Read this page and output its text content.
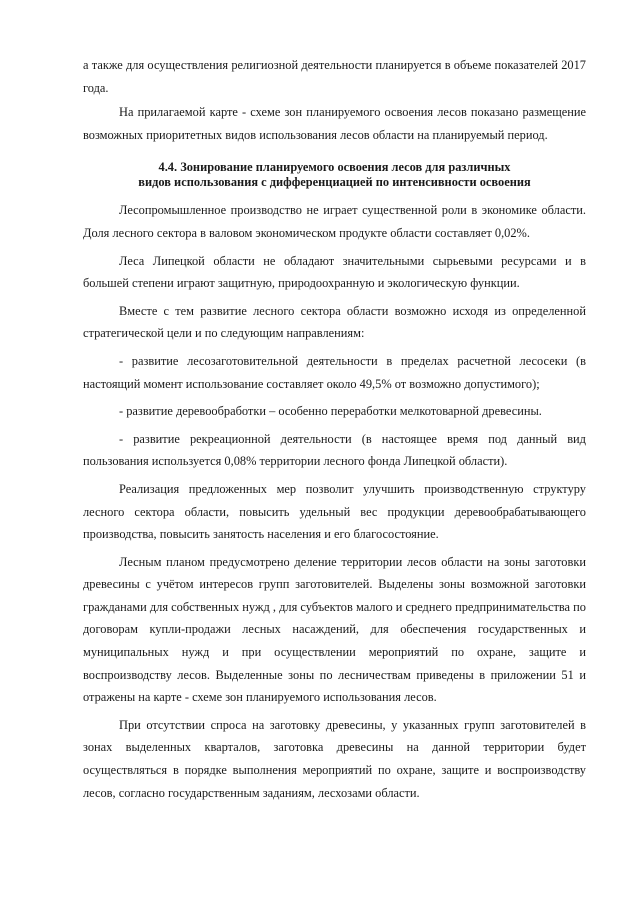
а также для осуществления религиозной деятельности планируется в объеме показателей 2017 года.

На прилагаемой карте - схеме зон планируемого освоения лесов показано размещение возможных приоритетных видов использования лесов области на планируемый период.

4.4. Зонирование планируемого освоения лесов для различных
видов использования с дифференциацией по интенсивности освоения

Лесопромышленное производство не играет существенной роли в экономике области. Доля лесного сектора в валовом экономическом продукте области составляет 0,02%.

Леса Липецкой области не обладают значительными сырьевыми ресурсами и в большей степени играют защитную, природоохранную и экологическую функции.

Вместе с тем развитие лесного сектора области возможно исходя из определенной стратегической цели и по следующим направлениям:

- развитие лесозаготовительной деятельности в пределах расчетной лесосеки (в настоящий момент использование составляет около 49,5% от возможно допустимого);

- развитие деревообработки – особенно переработки мелкотоварной древесины.

- развитие рекреационной деятельности (в настоящее время под данный вид пользования используется 0,08% территории лесного фонда Липецкой области).

Реализация предложенных мер позволит улучшить производственную структуру лесного сектора области, повысить удельный вес продукции деревообрабатывающего производства, повысить занятость населения и его благосостояние.

Лесным планом предусмотрено деление территории лесов области на зоны заготовки древесины с учётом интересов групп заготовителей. Выделены зоны возможной заготовки гражданами для собственных нужд , для субъектов малого и среднего предпринимательства по договорам купли-продажи лесных насаждений, для обеспечения государственных и муниципальных нужд и при осуществлении мероприятий по охране, защите и воспроизводству лесов. Выделенные зоны по лесничествам приведены в приложении 51 и отражены на карте - схеме зон планируемого использования лесов.

При отсутствии спроса на заготовку древесины, у указанных групп заготовителей в зонах выделенных кварталов, заготовка древесины на данной территории будет осуществляться в порядке выполнения мероприятий по охране, защите и воспроизводству лесов, согласно государственным заданиям, лесхозами области.
